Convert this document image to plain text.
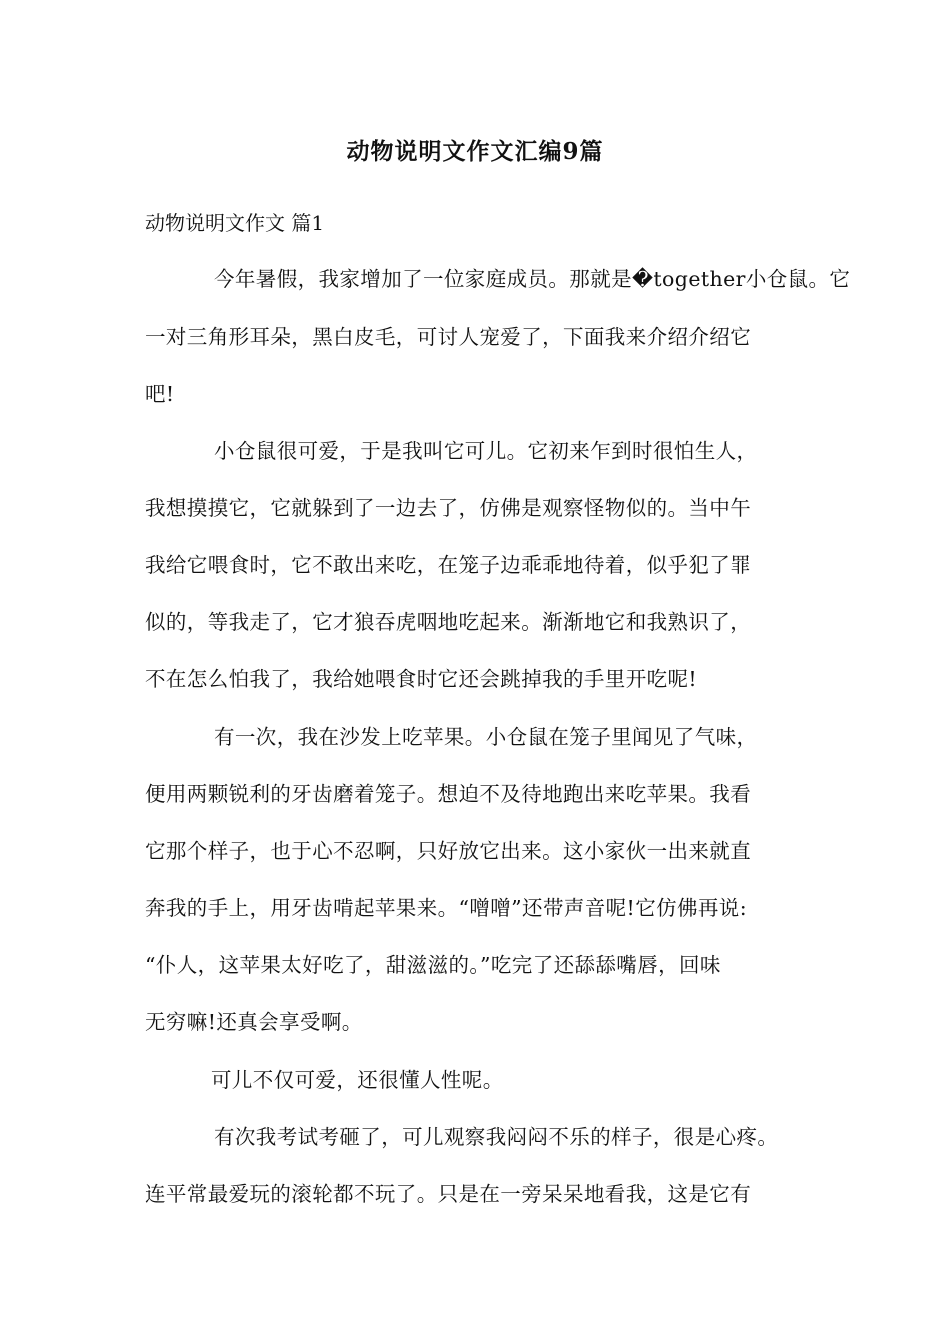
动物说明文作文汇编9篇
动物说明文作文 篇1
今年暑假，我家增加了一位家庭成员。那就是�together小仓鼠。它
一对三角形耳朵，黑白皮毛，可讨人宠爱了，下面我来介绍介绍它
吧!
小仓鼠很可爱，于是我叫它可儿。它初来乍到时很怕生人，
我想摸摸它，它就躲到了一边去了，仿佛是观察怪物似的。当中午
我给它喂食时，它不敢出来吃，在笼子边乖乖地待着，似乎犯了罪
似的，等我走了，它才狼吞虎咽地吃起来。渐渐地它和我熟识了，
不在怎么怕我了，我给她喂食时它还会跳掉我的手里开吃呢!
有一次，我在沙发上吃苹果。小仓鼠在笼子里闻见了气味，
便用两颗锐利的牙齿磨着笼子。想迫不及待地跑出来吃苹果。我看
它那个样子，也于心不忍啊，只好放它出来。这小家伙一出来就直
奔我的手上，用牙齿啃起苹果来。“噌噌”还带声音呢!它仿佛再说:
“仆人，这苹果太好吃了，甜滋滋的。”吃完了还舔舔嘴唇，回味
无穷嘛!还真会享受啊。
可儿不仅可爱，还很懂人性呢。
有次我考试考砸了，可儿观察我闷闷不乐的样子，很是心疼。
连平常最爱玩的滚轮都不玩了。只是在一旁呆呆地看我，这是它有
